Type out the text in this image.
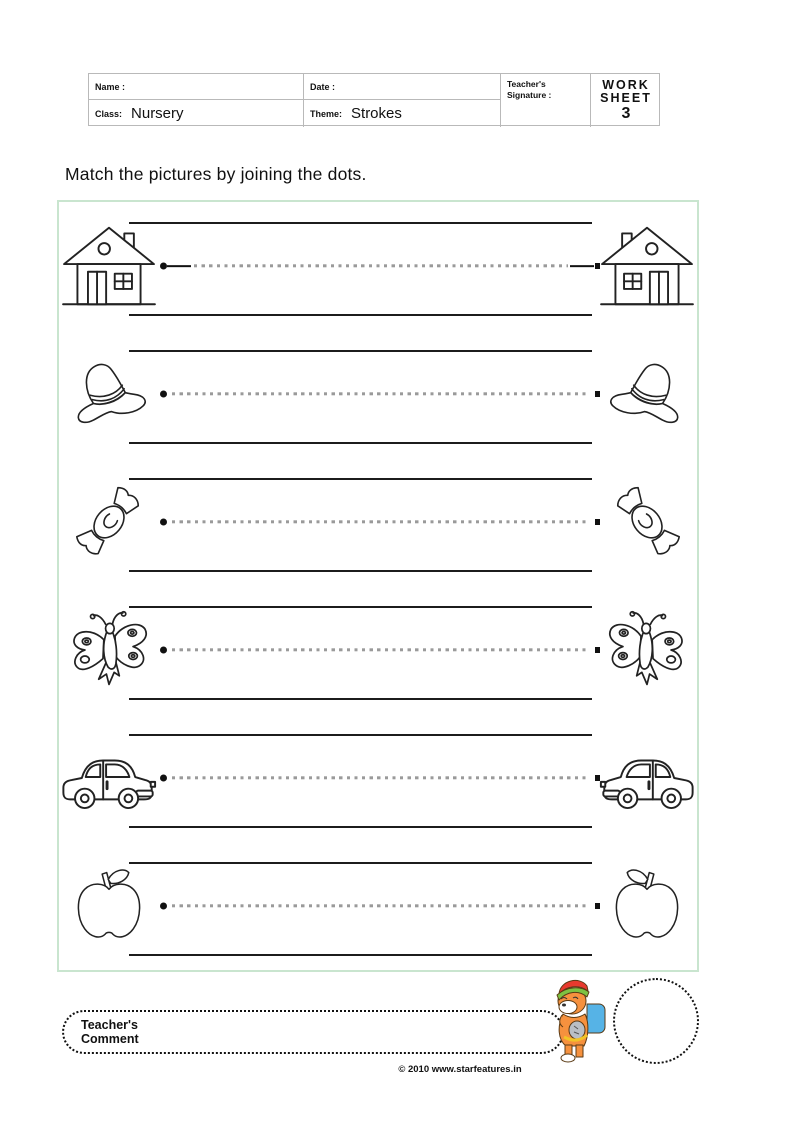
Name :	Date :	Teacher's
Signature :
WORK
SHEET
3
Class: Nursery	Theme: Strokes
Match the pictures by joining the dots.
Teacher's
Comment
© 2010 www.starfeatures.in
